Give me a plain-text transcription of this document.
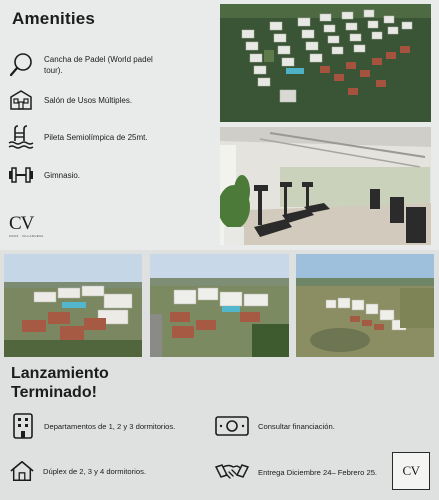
Amenities
Cancha de Padel (World padel tour).
Salón de Usos Múltiples.
Pileta Semiolímpica de 25mt.
Gimnasio.
CV
CRUZ · VILLANUEVA
Lanzamiento
Terminado!
Departamentos de 1, 2 y 3 dormitorios.	Consultar financiación.
Dúplex de 2, 3 y 4 dormitorios.	Entrega Diciembre 24– Febrero 25. CV
